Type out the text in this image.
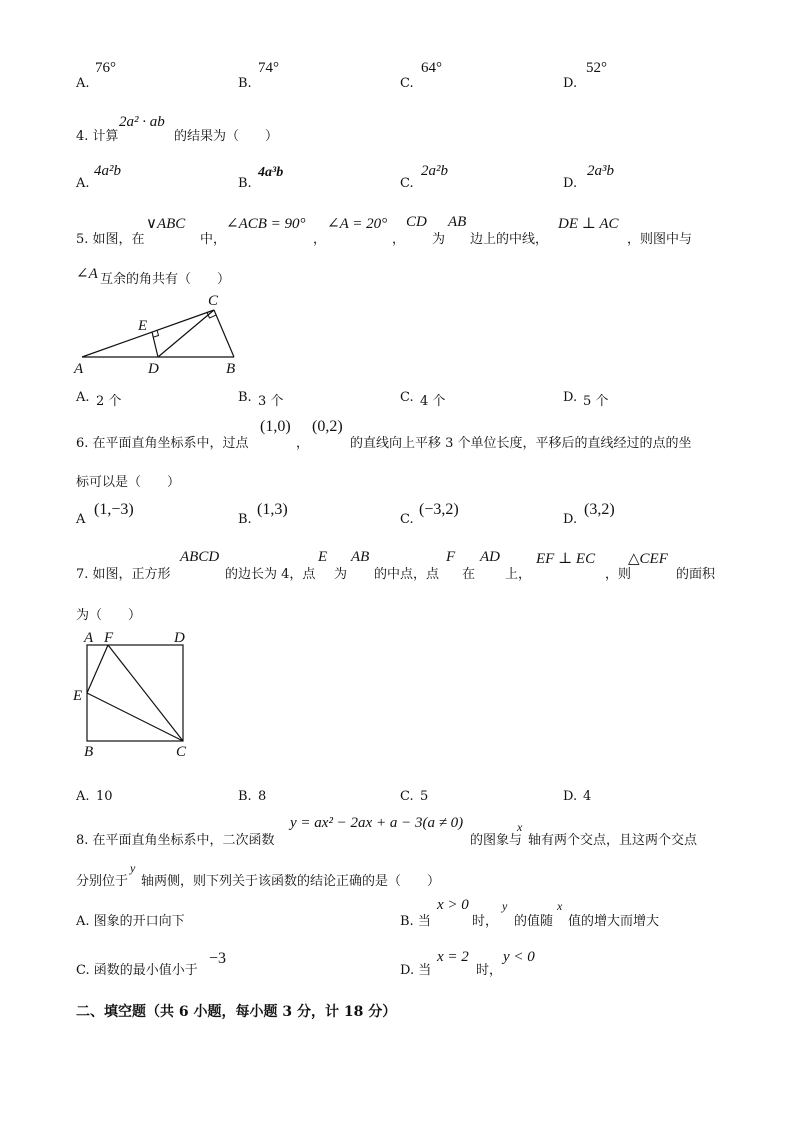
A.
76°
B.
74°
C.
64°
D.
52°
4. 计算
2a² · ab
的结果为（　　）
A.
4a²b
B.
4a³b
C.
2a²b
D.
2a³b
5. 如图，在
∨ABC
中，
∠ACB = 90°
，
∠A = 20°
，
CD
为
AB
边上的中线，
DE ⊥ AC
，则图中与
∠A 互余的角共有（　　）
A	D	B
C
E
A. 2 个	B. 3 个	C. 4 个	D. 5 个
6. 在平面直角坐标系中，过点
(1,0)
，
(0,2)
的直线向上平移 3 个单位长度，平移后的直线经过的点的坐
标可以是（　　）
A
(1,−3)
B.
(1,3)
C.
(−3,2)
D.
(3,2)
7. 如图，正方形
ABCD
的边长为 4，点
E
为
AB
的中点，点
F
在
AD
上，
EF ⊥ EC
，则
△CEF
的面积
为（　　）
A F	D
E
B	C
A. 10	B. 8	C. 5	D. 4
8. 在平面直角坐标系中，二次函数
y = ax² − 2ax + a − 3(a ≠ 0)
的图象与
x
轴有两个交点，且这两个交点
分别位于
y
轴两侧，则下列关于该函数的结论正确的是（　　）
A. 图象的开口向下	B. 当
x > 0
时，
y
的值随
x
值的增大而增大
C. 函数的最小值小于
−3
D. 当
x = 2
时，
y < 0
二、填空题（共 6 小题，每小题 3 分，计 18 分）
